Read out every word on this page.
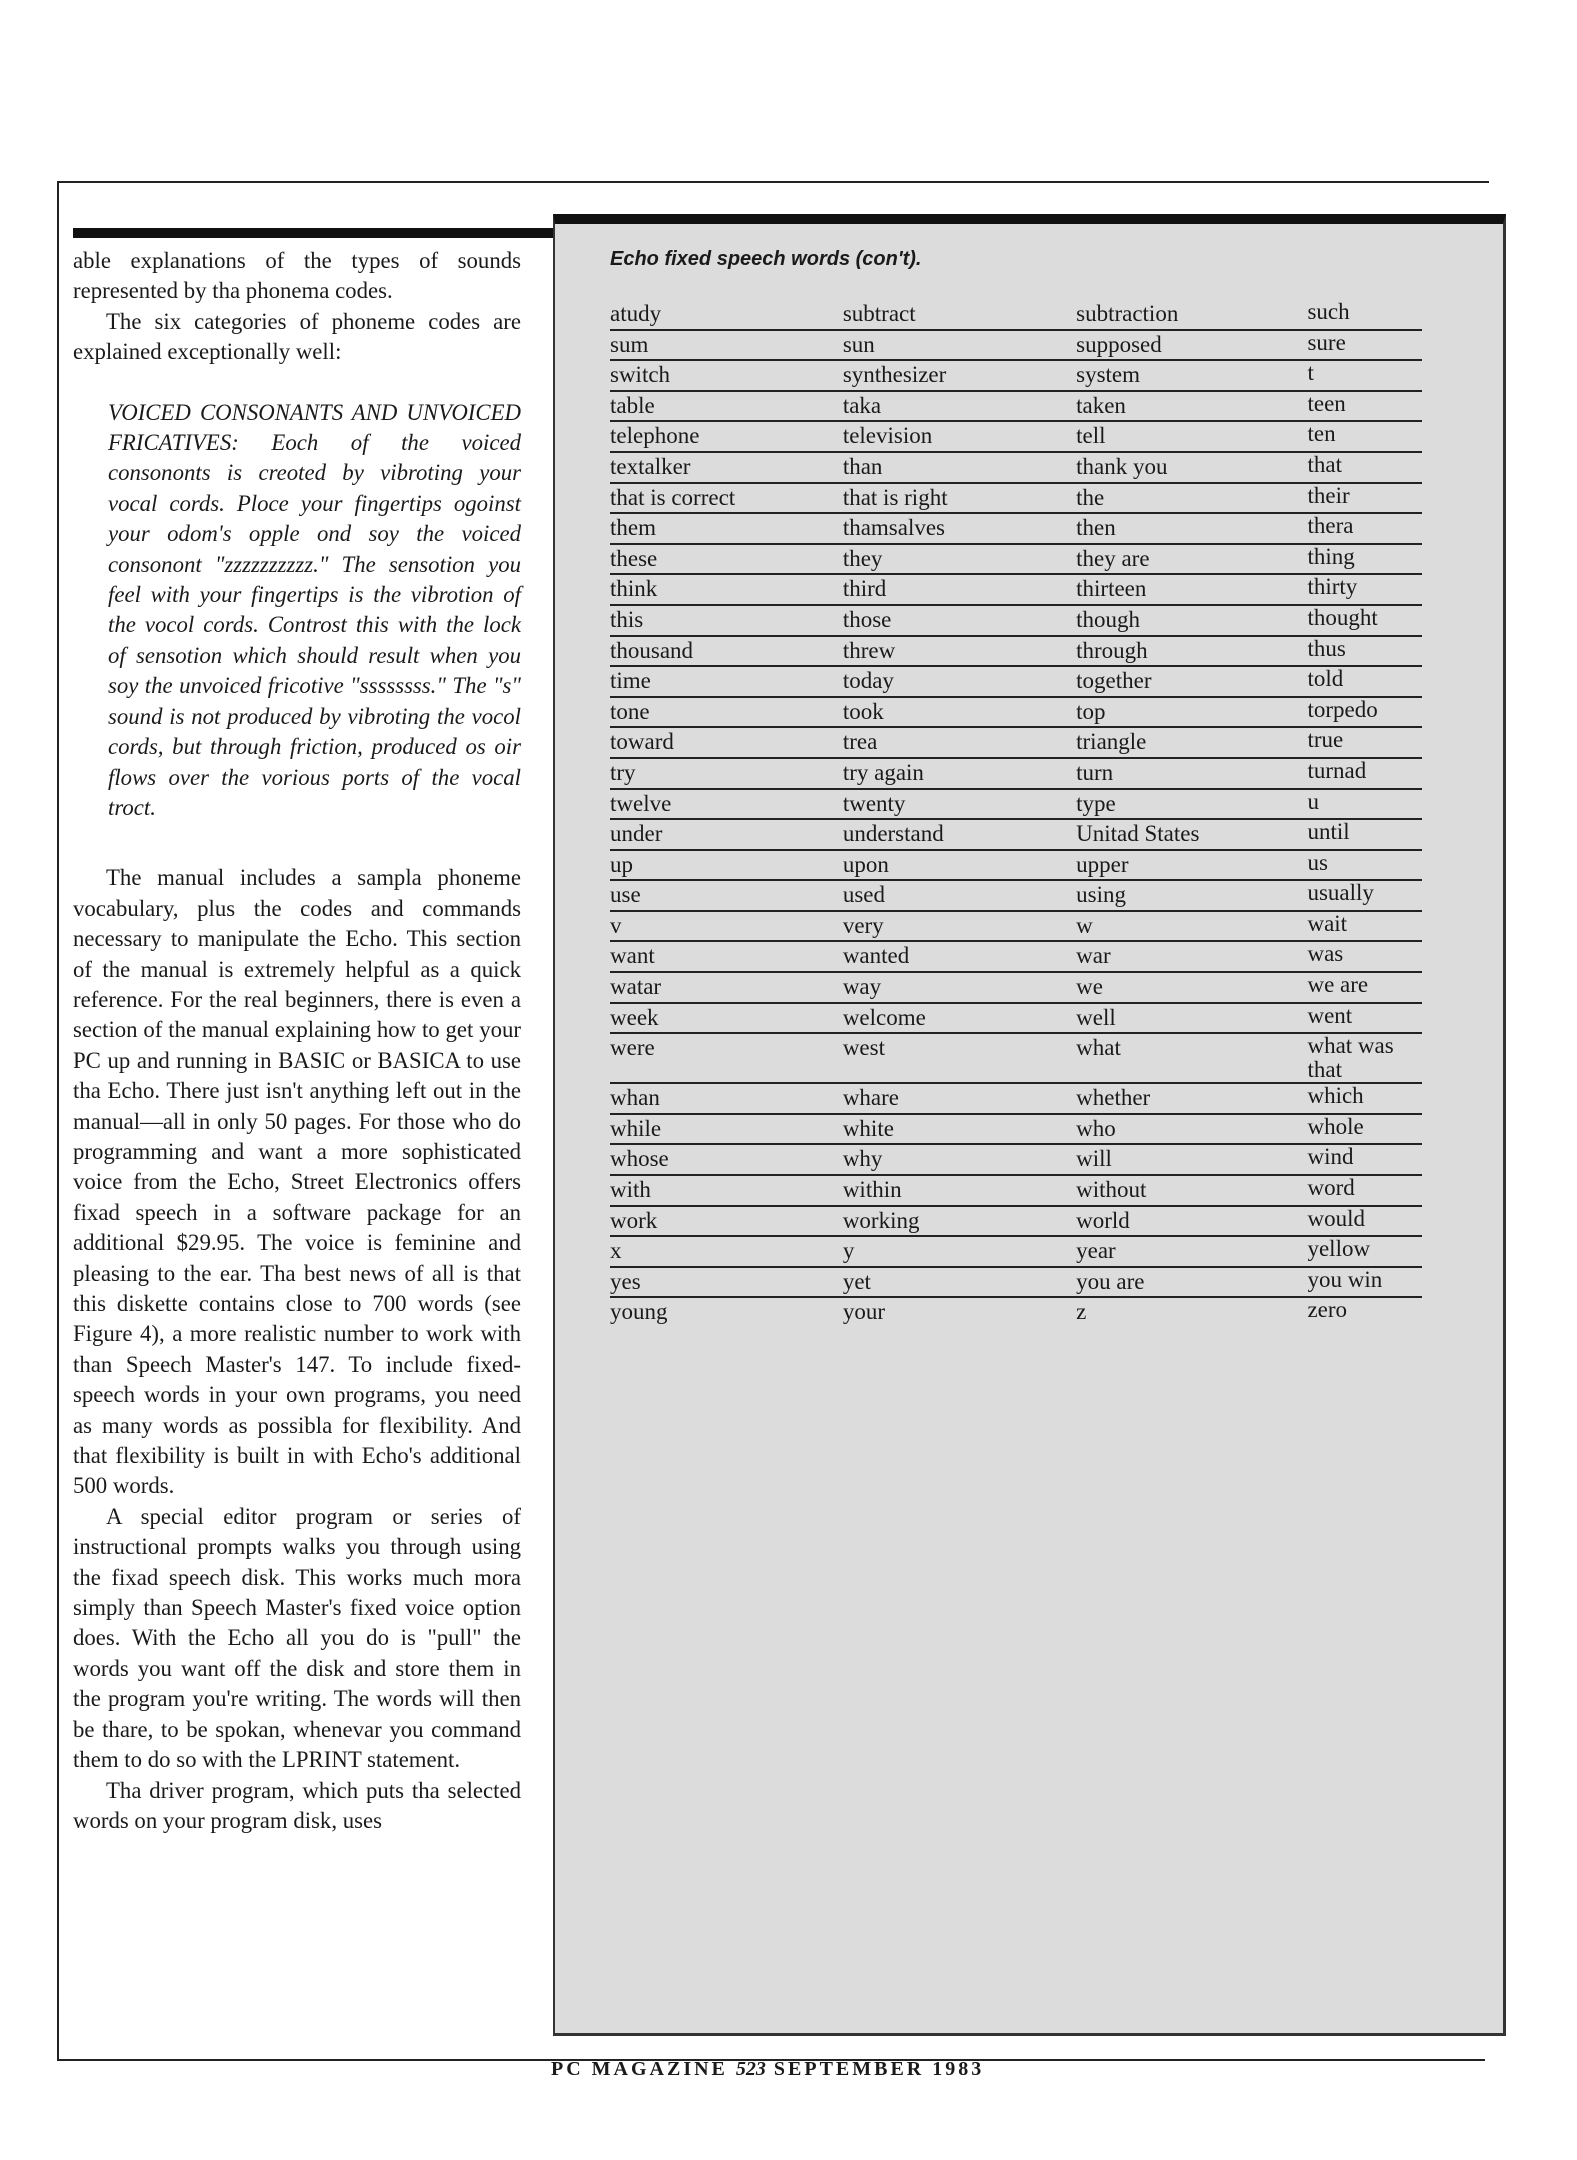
able explanations of the types of sounds represented by tha phonema codes.

The six categories of phoneme codes are explained exceptionally well:

VOICED CONSONANTS AND UNVOICED FRICATIVES: Eoch of the voiced consononts is creoted by vibroting your vocal cords. Ploce your fingertips ogoinst your odom's opple ond soy the voiced consonont "zzzzzzzzzz." The sensotion you feel with your fingertips is the vibrotion of the vocol cords. Controst this with the lock of sensotion which should result when you soy the unvoiced fricotive "ssssssss." The "s" sound is not produced by vibroting the vocol cords, but through friction, produced os oir flows over the vorious ports of the vocal troct.

The manual includes a sampla phoneme vocabulary, plus the codes and commands necessary to manipulate the Echo. This section of the manual is extremely helpful as a quick reference. For the real beginners, there is even a section of the manual explaining how to get your PC up and running in BASIC or BASICA to use tha Echo. There just isn't anything left out in the manual—all in only 50 pages. For those who do programming and want a more sophisticated voice from the Echo, Street Electronics offers fixad speech in a software package for an additional $29.95. The voice is feminine and pleasing to the ear. Tha best news of all is that this diskette contains close to 700 words (see Figure 4), a more realistic number to work with than Speech Master's 147. To include fixed-speech words in your own programs, you need as many words as possibla for flexibility. And that flexibility is built in with Echo's additional 500 words.

A special editor program or series of instructional prompts walks you through using the fixad speech disk. This works much mora simply than Speech Master's fixed voice option does. With the Echo all you do is "pull" the words you want off the disk and store them in the program you're writing. The words will then be thare, to be spokan, whenevar you command them to do so with the LPRINT statement.

Tha driver program, which puts tha selected words on your program disk, uses

Echo fixed speech words (con't).
atudy	subtract	subtraction	such
sum	sun	supposed	sure
switch	synthesizer	system	t
table	taka	taken	teen
telephone	television	tell	ten
textalker	than	thank you	that
that is correct	that is right	the	their
them	thamsalves	then	thera
these	they	they are	thing
think	third	thirteen	thirty
this	those	though	thought
thousand	threw	through	thus
time	today	together	told
tone	took	top	torpedo
toward	trea	triangle	true
try	try again	turn	turnad
twelve	twenty	type	u
under	understand	Unitad States	until
up	upon	upper	us
use	used	using	usually
v	very	w	wait
want	wanted	war	was
watar	way	we	we are
week	welcome	well	went
were	west	what	what was that
whan	whare	whether	which
while	white	who	whole
whose	why	will	wind
with	within	without	word
work	working	world	would
x	y	year	yellow
yes	yet	you are	you win
young	your	z	zero
PC MAGAZINE 523 SEPTEMBER 1983
